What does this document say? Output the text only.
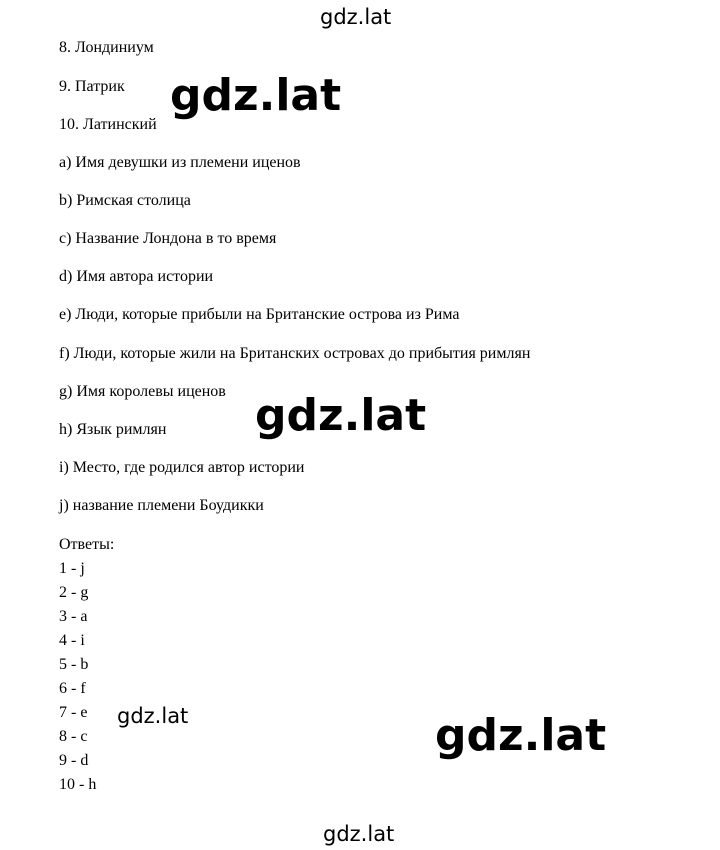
gdz.lat
8. Лондиниум
9. Патрик
10. Латинский
a) Имя девушки из племени иценов
b) Римская столица
c) Название Лондона в то время
d) Имя автора истории
e) Люди, которые прибыли на Британские острова из Рима
f) Люди, которые жили на Британских островах до прибытия римлян
g) Имя королевы иценов
h) Язык римлян
i) Место, где родился автор истории
j) название племени Боудикки
Ответы:
1 - j
2 - g
3 - a
4 - i
5 - b
6 - f
7 - e
8 - c
9 - d
10 - h
gdz.lat
gdz.lat
gdz.lat	gdz.lat
gdz.lat
